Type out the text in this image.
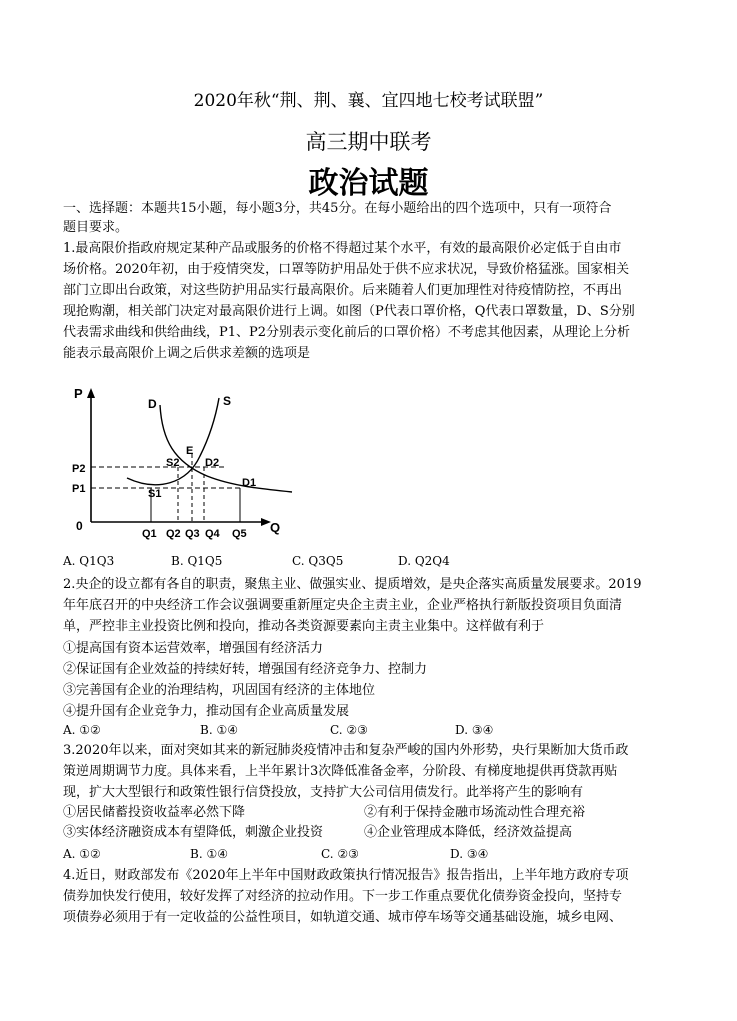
2020年秋“荆、荆、襄、宜四地七校考试联盟”
高三期中联考
政治试题
一、选择题：本题共15小题，每小题3分，共45分。在每小题给出的四个选项中，只有一项符合
题目要求。
1.最高限价指政府规定某种产品或服务的价格不得超过某个水平，有效的最高限价必定低于自由市
场价格。2020年初，由于疫情突发，口罩等防护用品处于供不应求状况，导致价格猛涨。国家相关
部门立即出台政策，对这些防护用品实行最高限价。后来随着人们更加理性对待疫情防控，不再出
现抢购潮，相关部门决定对最高限价进行上调。如图（P代表口罩价格，Q代表口罩数量，D、S分别
代表需求曲线和供给曲线，P1、P2分别表示变化前后的口罩价格）不考虑其他因素，从理论上分析
能表示最高限价上调之后供求差额的选项是
P
Q
0
P2
P1
Q1 Q2 Q3 Q4 Q5
D	S
E
S2 D2
S1
D1
A. Q1Q3	B. Q1Q5	C. Q3Q5	D. Q2Q4
2.央企的设立都有各自的职责，聚焦主业、做强实业、提质增效，是央企落实高质量发展要求。2019
年年底召开的中央经济工作会议强调要重新厘定央企主责主业，企业严格执行新版投资项目负面清
单，严控非主业投资比例和投向，推动各类资源要素向主责主业集中。这样做有利于
①提高国有资本运营效率，增强国有经济活力
②保证国有企业效益的持续好转，增强国有经济竞争力、控制力
③完善国有企业的治理结构，巩固国有经济的主体地位
④提升国有企业竞争力，推动国有企业高质量发展
A. ①②	B. ①④	C. ②③	D. ③④
3.2020年以来，面对突如其来的新冠肺炎疫情冲击和复杂严峻的国内外形势，央行果断加大货币政
策逆周期调节力度。具体来看，上半年累计3次降低准备金率，分阶段、有梯度地提供再贷款再贴
现，扩大大型银行和政策性银行信贷投放，支持扩大公司信用债发行。此举将产生的影响有
①居民储蓄投资收益率必然下降	②有利于保持金融市场流动性合理充裕
③实体经济融资成本有望降低，刺激企业投资	④企业管理成本降低，经济效益提高
A. ①②	B. ①④	C. ②③	D. ③④
4.近日，财政部发布《2020年上半年中国财政政策执行情况报告》报告指出，上半年地方政府专项
债券加快发行使用，较好发挥了对经济的拉动作用。下一步工作重点要优化债券资金投向，坚持专
项债券必须用于有一定收益的公益性项目，如轨道交通、城市停车场等交通基础设施，城乡电网、
